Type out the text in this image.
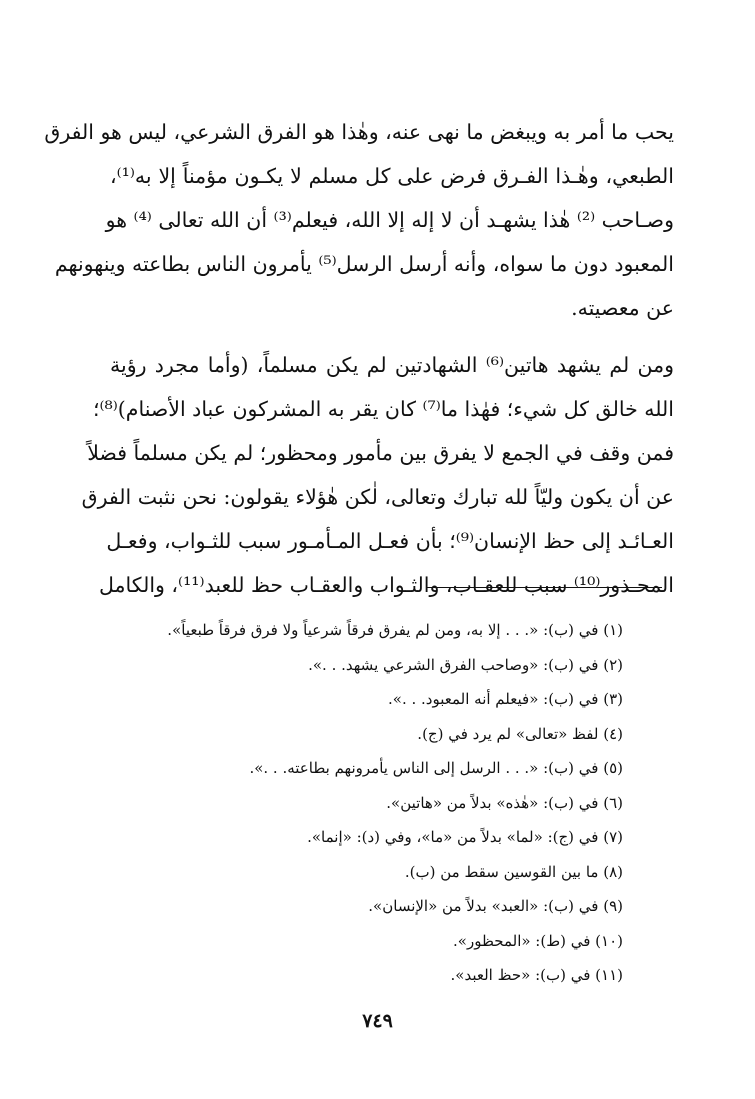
يحب ما أمر به ويبغض ما نهى عنه، وهٰذا هو الفرق الشرعي، ليس هو الفرق
الطبعي، وهٰـذا الفـرق فرض على كل مسلم لا يكـون مؤمناً إلا به⁽¹⁾،
وصـاحب ⁽²⁾ هٰذا يشهـد أن لا إله إلا الله، فيعلم⁽³⁾ أن الله تعالى ⁽⁴⁾ هو
المعبود دون ما سواه، وأنه أرسل الرسل⁽⁵⁾ يأمرون الناس بطاعته وينهونهم
عن معصيته.
ومن لم يشهد هاتين⁽⁶⁾ الشهادتين لم يكن مسلماً، (وأما مجرد رؤية
الله خالق كل شيء؛ فهٰذا ما⁽⁷⁾ كان يقر به المشركون عباد الأصنام)⁽⁸⁾؛
فمن وقف في الجمع لا يفرق بين مأمور ومحظور؛ لم يكن مسلماً فضلاً
عن أن يكون وليّاً لله تبارك وتعالى، لٰكن هٰؤلاء يقولون: نحن نثبت الفرق
العـائـد إلى حظ الإنسان⁽⁹⁾؛ بأن فعـل المـأمـور سبب للثـواب، وفعـل
المحـذور⁽¹⁰⁾ سبب للعقـاب، والثـواب والعقـاب حظ للعبد⁽¹¹⁾، والكامل
(١) في (ب): «. . . إلا به، ومن لم يفرق فرقاً شرعياً ولا فرق فرقاً طبعياً».
(٢) في (ب): «وصاحب الفرق الشرعي يشهد. . .».
(٣) في (ب): «فيعلم أنه المعبود. . .».
(٤) لفظ «تعالى» لم يرد في (ج).
(٥) في (ب): «. . . الرسل إلى الناس يأمرونهم بطاعته. . .».
(٦) في (ب): «هٰذه» بدلاً من «هاتين».
(٧) في (ج): «لما» بدلاً من «ما»، وفي (د): «إنما».
(٨) ما بين القوسين سقط من (ب).
(٩) في (ب): «العبد» بدلاً من «الإنسان».
(١٠) في (ط): «المحظور».
(١١) في (ب): «حظ العبد».
٧٤٩
